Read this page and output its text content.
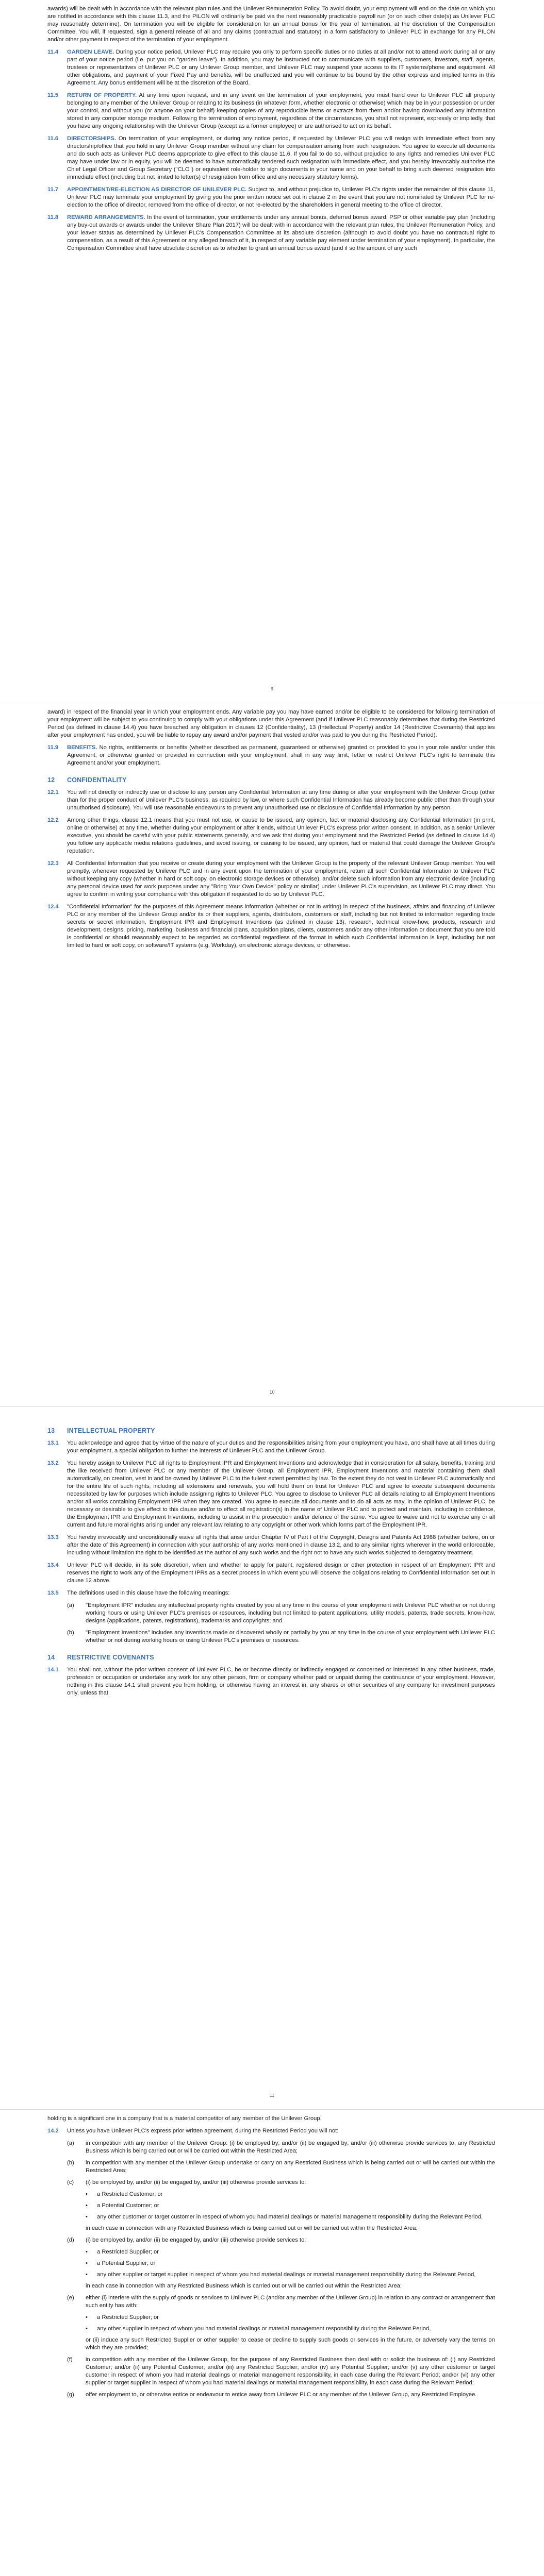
awards) will be dealt with in accordance with the relevant plan rules and the Unilever Remuneration Policy. To avoid doubt, your employment will end on the date on which you are notified in accordance with this clause 11.3, and the PILON will ordinarily be paid via the next reasonably practicable payroll run (or on such other date(s) as Unilever PLC may reasonably determine). On termination you will be eligible for consideration for an annual bonus for the year of termination, at the discretion of the Compensation Committee. You will, if requested, sign a general release of all and any claims (contractual and statutory) in a form satisfactory to Unilever PLC in exchange for any PILON and/or other payment in respect of the termination of your employment.

11.4	GARDEN LEAVE. During your notice period, Unilever PLC may require you only to perform specific duties or no duties at all and/or not to attend work during all or any part of your notice period (i.e. put you on "garden leave"). In addition, you may be instructed not to communicate with suppliers, customers, investors, staff, agents, trustees or representatives of Unilever PLC or any Unilever Group member, and Unilever PLC may suspend your access to its IT systems/phone and equipment. All other obligations, and payment of your Fixed Pay and benefits, will be unaffected and you will continue to be bound by the other express and implied terms in this Agreement. Any bonus entitlement will be at the discretion of the Board.
11.5	RETURN OF PROPERTY. At any time upon request, and in any event on the termination of your employment, you must hand over to Unilever PLC all property belonging to any member of the Unilever Group or relating to its business (in whatever form, whether electronic or otherwise) which may be in your possession or under your control, and without you (or anyone on your behalf) keeping copies of any reproducible items or extracts from them and/or having downloaded any information stored in any computer storage medium. Following the termination of employment, regardless of the circumstances, you shall not represent, expressly or impliedly, that you have any ongoing relationship with the Unilever Group (except as a former employee) or are authorised to act on its behalf.
11.6	DIRECTORSHIPS. On termination of your employment, or during any notice period, if requested by Unilever PLC you will resign with immediate effect from any directorship/office that you hold in any Unilever Group member without any claim for compensation arising from such resignation. You agree to execute all documents and do such acts as Unilever PLC deems appropriate to give effect to this clause 11.6. If you fail to do so, without prejudice to any rights and remedies Unilever PLC may have under law or in equity, you will be deemed to have automatically tendered such resignation with immediate effect, and you hereby irrevocably authorise the Chief Legal Officer and Group Secretary ("CLO") or equivalent role-holder to sign documents in your name and on your behalf to bring such deemed resignation into immediate effect (including but not limited to letter(s) of resignation from office and any necessary statutory forms).
11.7	APPOINTMENT/RE-ELECTION AS DIRECTOR OF UNILEVER PLC. Subject to, and without prejudice to, Unilever PLC's rights under the remainder of this clause 11, Unilever PLC may terminate your employment by giving you the prior written notice set out in clause 2 in the event that you are not nominated by Unilever PLC for re-election to the office of director, removed from the office of director, or not re-elected by the shareholders in general meeting to the office of director.
11.8	REWARD ARRANGEMENTS. In the event of termination, your entitlements under any annual bonus, deferred bonus award, PSP or other variable pay plan (including any buy-out awards or awards under the Unilever Share Plan 2017) will be dealt with in accordance with the relevant plan rules, the Unilever Remuneration Policy, and your leaver status as determined by Unilever PLC's Compensation Committee at its absolute discretion (although to avoid doubt you have no contractual right to compensation, as a result of this Agreement or any alleged breach of it, in respect of any variable pay element under termination of your employment). In particular, the Compensation Committee shall have absolute discretion as to whether to grant an annual bonus award (and if so the amount of any such
9

award) in respect of the financial year in which your employment ends. Any variable pay you may have earned and/or be eligible to be considered for following termination of your employment will be subject to you continuing to comply with your obligations under this Agreement (and if Unilever PLC reasonably determines that during the Restricted Period (as defined in clause 14.4) you have breached any obligation in clauses 12 (Confidentiality), 13 (Intellectual Property) and/or 14 (Restrictive Covenants) that applies after your employment has ended, you will be liable to repay any award and/or payment that vested and/or was paid to you during the Restricted Period).

11.9	BENEFITS. No rights, entitlements or benefits (whether described as permanent, guaranteed or otherwise) granted or provided to you in your role and/or under this Agreement, or otherwise granted or provided in connection with your employment, shall in any way limit, fetter or restrict Unilever PLC's right to terminate this Agreement and/or your employment.
12	CONFIDENTIALITY
12.1	You will not directly or indirectly use or disclose to any person any Confidential Information at any time during or after your employment with the Unilever Group (other than for the proper conduct of Unilever PLC's business, as required by law, or where such Confidential Information has already become public other than through your unauthorised disclosure). You will use reasonable endeavours to prevent any unauthorised use or disclosure of Confidential Information by any person.
12.2	Among other things, clause 12.1 means that you must not use, or cause to be issued, any opinion, fact or material disclosing any Confidential Information (in print, online or otherwise) at any time, whether during your employment or after it ends, without Unilever PLC's express prior written consent. In addition, as a senior Unilever executive, you should be careful with your public statements generally, and we ask that during your employment and the Restricted Period (as defined in clause 14.4) you follow any applicable media relations guidelines, and avoid issuing, or causing to be issued, any opinion, fact or material that could damage the Unilever Group's reputation.
12.3	All Confidential Information that you receive or create during your employment with the Unilever Group is the property of the relevant Unilever Group member. You will promptly, whenever requested by Unilever PLC and in any event upon the termination of your employment, return all such Confidential Information to Unilever PLC without keeping any copy (whether in hard or soft copy, on electronic storage devices or otherwise), and/or delete such information from any electronic device (including any personal device used for work purposes under any "Bring Your Own Device" policy or similar) under Unilever PLC's supervision, as Unilever PLC may direct. You agree to confirm in writing your compliance with this obligation if requested to do so by Unilever PLC.
12.4	"Confidential Information" for the purposes of this Agreement means information (whether or not in writing) in respect of the business, affairs and financing of Unilever PLC or any member of the Unilever Group and/or its or their suppliers, agents, distributors, customers or staff, including but not limited to information regarding trade secrets or secret information, Employment IPR and Employment Inventions (as defined in clause 13), research, technical know-how, products, research and development, designs, pricing, marketing, business and financial plans, acquisition plans, clients, customers and/or any other information or document that you are told is confidential or should reasonably expect to be regarded as confidential regardless of the format in which such Confidential Information is kept, including but not limited to hard or soft copy, on software/IT systems (e.g. Workday), on electronic storage devices, or otherwise.
10
13	INTELLECTUAL PROPERTY
13.1	You acknowledge and agree that by virtue of the nature of your duties and the responsibilities arising from your employment you have, and shall have at all times during your employment, a special obligation to further the interests of Unilever PLC and the Unilever Group.
13.2	You hereby assign to Unilever PLC all rights to Employment IPR and Employment Inventions and acknowledge that in consideration for all salary, benefits, training and the like received from Unilever PLC or any member of the Unilever Group, all Employment IPR, Employment Inventions and material containing them shall automatically, on creation, vest in and be owned by Unilever PLC to the fullest extent permitted by law. To the extent they do not vest in Unilever PLC automatically and for the entire life of such rights, including all extensions and renewals, you will hold them on trust for Unilever PLC and agree to execute subsequent documents necessitated by law for purposes which include assigning rights to Unilever PLC. You agree to disclose to Unilever PLC all details relating to all Employment Inventions and/or all works containing Employment IPR when they are created. You agree to execute all documents and to do all acts as may, in the opinion of Unilever PLC, be necessary or desirable to give effect to this clause and/or to effect all registration(s) in the name of Unilever PLC and to protect and maintain, including in confidence, the Employment IPR and Employment Inventions, including to assist in the prosecution and/or defence of the same. You agree to waive and not to exercise any or all current and future moral rights arising under any relevant law relating to any copyright or other work which forms part of the Employment IPR.
13.3	You hereby irrevocably and unconditionally waive all rights that arise under Chapter IV of Part I of the Copyright, Designs and Patents Act 1988 (whether before, on or after the date of this Agreement) in connection with your authorship of any works mentioned in clause 13.2, and to any similar rights wherever in the world enforceable, including without limitation the right to be identified as the author of any such works and the right not to have any such works subjected to derogatory treatment.
13.4	Unilever PLC will decide, in its sole discretion, when and whether to apply for patent, registered design or other protection in respect of an Employment IPR and reserves the right to work any of the Employment IPRs as a secret process in which event you will observe the obligations relating to Confidential Information set out in clause 12 above.
13.5	The definitions used in this clause have the following meanings:
(a)	"Employment IPR" includes any intellectual property rights created by you at any time in the course of your employment with Unilever PLC whether or not during working hours or using Unilever PLC's premises or resources, including but not limited to patent applications, utility models, patents, trade secrets, know-how, designs (applications, patents, registrations), trademarks and copyrights; and
(b)	"Employment Inventions" includes any inventions made or discovered wholly or partially by you at any time in the course of your employment with Unilever PLC whether or not during working hours or using Unilever PLC's premises or resources.
14	RESTRICTIVE COVENANTS
14.1	You shall not, without the prior written consent of Unilever PLC, be or become directly or indirectly engaged or concerned or interested in any other business, trade, profession or occupation or undertake any work for any other person, firm or company whether paid or unpaid during the continuance of your employment. However, nothing in this clause 14.1 shall prevent you from holding, or otherwise having an interest in, any shares or other securities of any company for investment purposes only, unless that
11

holding is a significant one in a company that is a material competitor of any member of the Unilever Group.

14.2	Unless you have Unilever PLC's express prior written agreement, during the Restricted Period you will not:
(a)	in competition with any member of the Unilever Group: (i) be employed by; and/or (ii) be engaged by; and/or (iii) otherwise provide services to, any Restricted Business which is being carried out or will be carried out within the Restricted Area;
(b)	in competition with any member of the Unilever Group undertake or carry on any Restricted Business which is being carried out or will be carried out within the Restricted Area;
(c)	(i) be employed by, and/or (ii) be engaged by, and/or (iii) otherwise provide services to:
•	a Restricted Customer; or
•	a Potential Customer; or
•	any other customer or target customer in respect of whom you had material dealings or material management responsibility during the Relevant Period,

in each case in connection with any Restricted Business which is being carried out or will be carried out within the Restricted Area;

(d)	(i) be employed by, and/or (ii) be engaged by, and/or (iii) otherwise provide services to:
•	a Restricted Supplier; or
•	a Potential Supplier; or
•	any other supplier or target supplier in respect of whom you had material dealings or material management responsibility during the Relevant Period,

in each case in connection with any Restricted Business which is carried out or will be carried out within the Restricted Area;

(e)	either (i) interfere with the supply of goods or services to Unilever PLC (and/or any member of the Unilever Group) in relation to any contract or arrangement that such entity has with:
•	a Restricted Supplier; or
•	any other supplier in respect of whom you had material dealings or material management responsibility during the Relevant Period,

or (ii) induce any such Restricted Supplier or other supplier to cease or decline to supply such goods or services in the future, or adversely vary the terms on which they are provided;

(f)	in competition with any member of the Unilever Group, for the purpose of any Restricted Business then deal with or solicit the business of: (i) any Restricted Customer; and/or (ii) any Potential Customer; and/or (iii) any Restricted Supplier; and/or (iv) any Potential Supplier; and/or (v) any other customer or target customer in respect of whom you had material dealings or material management responsibility, in each case during the Relevant Period; and/or (vi) any other supplier or target supplier in respect of whom you had material dealings or material management responsibility, in each case during the Relevant Period;
(g)	offer employment to, or otherwise entice or endeavour to entice away from Unilever PLC or any member of the Unilever Group, any Restricted Employee.
